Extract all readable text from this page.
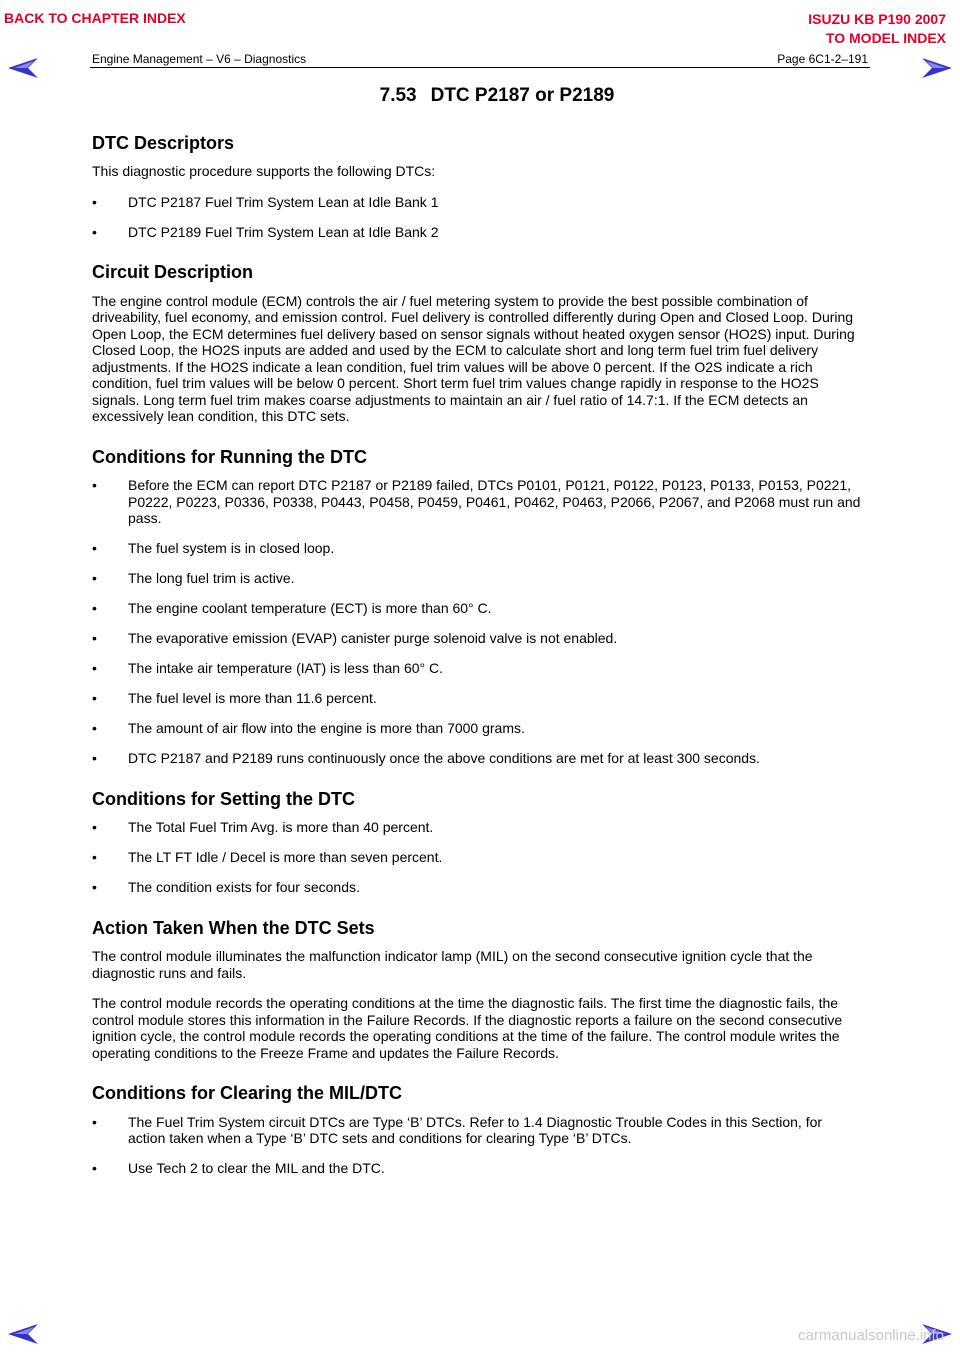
BACK TO CHAPTER INDEX	ISUZU KB P190 2007
TO MODEL INDEX
Engine Management – V6 – Diagnostics	Page 6C1-2–191
carmanualsonline.info
7.53 DTC P2187 or P2189
DTC Descriptors

This diagnostic procedure supports the following DTCs:

• DTC P2187 Fuel Trim System Lean at Idle Bank 1
• DTC P2189 Fuel Trim System Lean at Idle Bank 2
Circuit Description

The engine control module (ECM) controls the air / fuel metering system to provide the best possible combination of driveability, fuel economy, and emission control. Fuel delivery is controlled differently during Open and Closed Loop. During Open Loop, the ECM determines fuel delivery based on sensor signals without heated oxygen sensor (HO2S) input. During Closed Loop, the HO2S inputs are added and used by the ECM to calculate short and long term fuel trim fuel delivery adjustments. If the HO2S indicate a lean condition, fuel trim values will be above 0 percent. If the O2S indicate a rich condition, fuel trim values will be below 0 percent. Short term fuel trim values change rapidly in response to the HO2S signals. Long term fuel trim makes coarse adjustments to maintain an air / fuel ratio of 14.7:1. If the ECM detects an excessively lean condition, this DTC sets.

Conditions for Running the DTC
• Before the ECM can report DTC P2187 or P2189 failed, DTCs P0101, P0121, P0122, P0123, P0133, P0153, P0221, P0222, P0223, P0336, P0338, P0443, P0458, P0459, P0461, P0462, P0463, P2066, P2067, and P2068 must run and pass.
• The fuel system is in closed loop.
• The long fuel trim is active.
• The engine coolant temperature (ECT) is more than 60° C.
• The evaporative emission (EVAP) canister purge solenoid valve is not enabled.
• The intake air temperature (IAT) is less than 60° C.
• The fuel level is more than 11.6 percent.
• The amount of air flow into the engine is more than 7000 grams.
• DTC P2187 and P2189 runs continuously once the above conditions are met for at least 300 seconds.
Conditions for Setting the DTC
• The Total Fuel Trim Avg. is more than 40 percent.
• The LT FT Idle / Decel is more than seven percent.
• The condition exists for four seconds.
Action Taken When the DTC Sets

The control module illuminates the malfunction indicator lamp (MIL) on the second consecutive ignition cycle that the diagnostic runs and fails.

The control module records the operating conditions at the time the diagnostic fails. The first time the diagnostic fails, the control module stores this information in the Failure Records. If the diagnostic reports a failure on the second consecutive ignition cycle, the control module records the operating conditions at the time of the failure. The control module writes the operating conditions to the Freeze Frame and updates the Failure Records.

Conditions for Clearing the MIL/DTC
• The Fuel Trim System circuit DTCs are Type ‘B’ DTCs. Refer to 1.4 Diagnostic Trouble Codes in this Section, for action taken when a Type ‘B’ DTC sets and conditions for clearing Type ‘B’ DTCs.
• Use Tech 2 to clear the MIL and the DTC.
